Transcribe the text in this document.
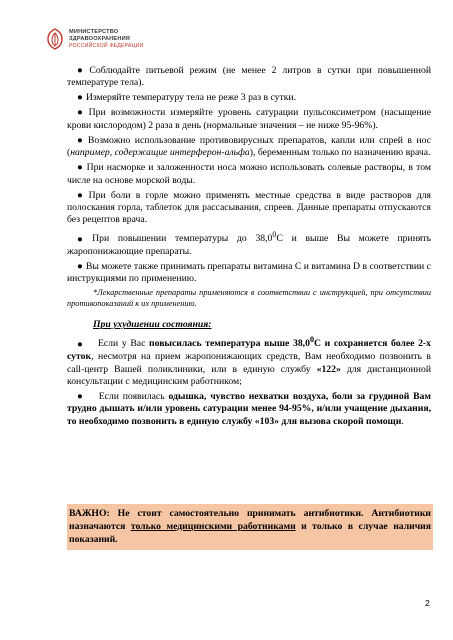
МИНИСТЕРСТВО
ЗДРАВООХРАНЕНИЯ
РОССИЙСКОЙ ФЕДЕРАЦИИ

● Соблюдайте питьевой режим (не менее 2 литров в сутки при повышенной температуре тела).

● Измеряйте температуру тела не реже 3 раз в сутки.

● При возможности измеряйте уровень сатурации пульсоксиметром (насыщение крови кислородом) 2 раза в день (нормальные значения – не ниже 95-96%).

● Возможно использование противовирусных препаратов, капли или спрей в нос (например, содержащие интерферон-альфа), беременным только по назначению врача.

● При насморке и заложенности носа можно использовать солевые растворы, в том числе на основе морской воды.

● При боли в горле можно применять местные средства в виде растворов для полоскания горла, таблеток для рассасывания, спреев. Данные препараты отпускаются без рецептов врача.

● При повышении температуры до 38,0$^0$С и выше Вы можете принять жаропонижающие препараты.

● Вы можете также принимать препараты витамина С и витамина D в соответствии с инструкциями по применению.

*Лекарственные препараты применяются в соответствии с инструкцией, при отсутствии противопоказаний к их применению.

При ухудшении состояния:

● Если у Вас повысилась температура выше 38,0$^0$С и сохраняется более 2-х суток, несмотря на прием жаропонижающих средств, Вам необходимо позвонить в call-центр Вашей поликлиники, или в единую службу «122» для дистанционной консультации с медицинским работником;

● Если появилась одышка, чувство нехватки воздуха, боли за грудиной Вам трудно дышать и/или уровень сатурации менее 94-95%, и/или учащение дыхания, то необходимо позвонить в единую службу «103» для вызова скорой помощи.

ВАЖНО: Не стоит самостоятельно принимать антибиотики. Антибиотики назначаются только медицинскими работниками и только в случае наличия показаний.
2
